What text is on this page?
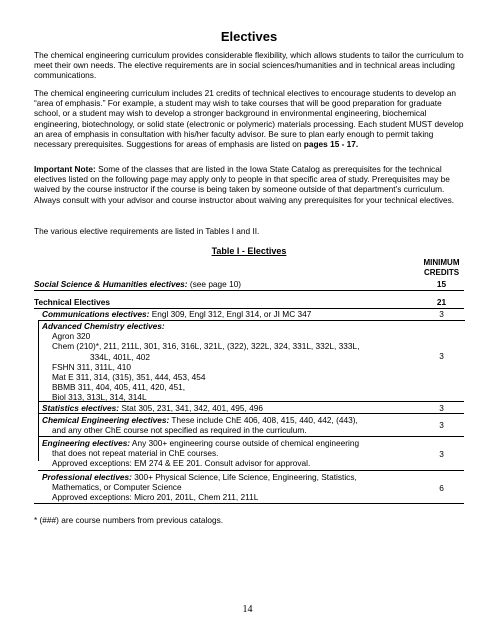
Electives

The chemical engineering curriculum provides considerable flexibility, which allows students to tailor the curriculum to meet their own needs. The elective requirements are in social sciences/humanities and in technical areas including communications.

The chemical engineering curriculum includes 21 credits of technical electives to encourage students to develop an “area of emphasis.” For example, a student may wish to take courses that will be good preparation for graduate school, or a student may wish to develop a stronger background in environmental engineering, biochemical engineering, biotechnology, or solid state (electronic or polymeric) materials processing. Each student MUST develop an area of emphasis in consultation with his/her faculty advisor. Be sure to plan early enough to permit taking necessary prerequisites. Suggestions for areas of emphasis are listed on pages 15 - 17.

Important Note: Some of the classes that are listed in the Iowa State Catalog as prerequisites for the technical electives listed on the following page may apply only to people in that specific area of study. Prerequisites may be waived by the course instructor if the course is being taken by someone outside of that department’s curriculum. Always consult with your advisor and course instructor about waiving any prerequisites for your technical electives.

The various elective requirements are listed in Tables I and II.

Table I - Electives
MINIMUM
CREDITS
Social Science & Humanities electives: (see page 10)	15
Technical Electives	21
Communications electives: Engl 309, Engl 312, Engl 314, or JI MC 347	3
Advanced Chemistry electives:
Agron 320
Chem (210)*, 211, 211L, 301, 316, 316L, 321L, (322), 322L, 324, 331L, 332L, 333L,
334L, 401L, 402
FSHN 311, 311L, 410
Mat E 311, 314, (315), 351, 444, 453, 454
BBMB 311, 404, 405, 411, 420, 451,
Biol 313, 313L, 314, 314L
3
Statistics electives: Stat 305, 231, 341, 342, 401, 495, 496	3
Chemical Engineering electives: These include ChE 406, 408, 415, 440, 442, (443),
and any other ChE course not specified as required in the curriculum.
3
Engineering electives: Any 300+ engineering course outside of chemical engineering
that does not repeat material in ChE courses.
Approved exceptions: EM 274 & EE 201. Consult advisor for approval.
3
Professional electives: 300+ Physical Science, Life Science, Engineering, Statistics,
Mathematics, or Computer Science
Approved exceptions: Micro 201, 201L, Chem 211, 211L
6
* (###) are course numbers from previous catalogs.
14
